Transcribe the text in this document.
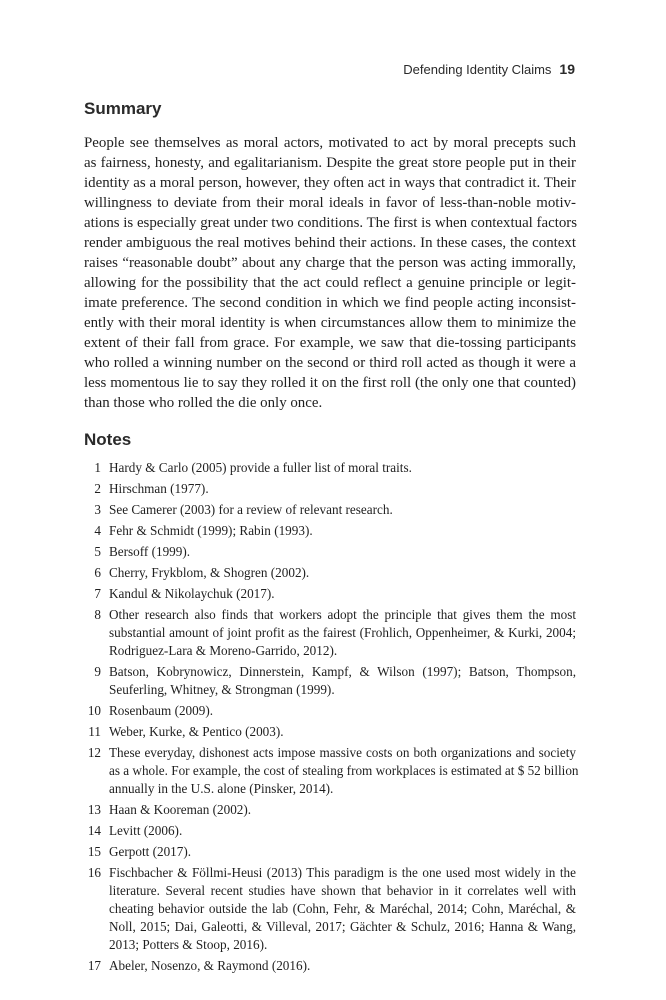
Defending Identity Claims 19
Summary
People see themselves as moral actors, motivated to act by moral precepts such
as fairness, honesty, and egalitarianism. Despite the great store people put in their
identity as a moral person, however, they often act in ways that contradict it. Their
willingness to deviate from their moral ideals in favor of less-than-noble motiv-
ations is especially great under two conditions. The first is when contextual factors
render ambiguous the real motives behind their actions. In these cases, the context
raises “reasonable doubt” about any charge that the person was acting immorally,
allowing for the possibility that the act could reflect a genuine principle or legit-
imate preference. The second condition in which we find people acting inconsist-
ently with their moral identity is when circumstances allow them to minimize the
extent of their fall from grace. For example, we saw that die-tossing participants
who rolled a winning number on the second or third roll acted as though it were a
less momentous lie to say they rolled it on the first roll (the only one that counted)
than those who rolled the die only once.
Notes
1 Hardy & Carlo (2005) provide a fuller list of moral traits.
2 Hirschman (1977).
3 See Camerer (2003) for a review of relevant research.
4 Fehr & Schmidt (1999); Rabin (1993).
5 Bersoff (1999).
6 Cherry, Frykblom, & Shogren (2002).
7 Kandul & Nikolaychuk (2017).
8 Other research also finds that workers adopt the principle that gives them the most
substantial amount of joint profit as the fairest (Frohlich, Oppenheimer, & Kurki, 2004;
Rodriguez-Lara & Moreno-Garrido, 2012).
9 Batson, Kobrynowicz, Dinnerstein, Kampf, & Wilson (1997); Batson, Thompson,
Seuferling, Whitney, & Strongman (1999).
10 Rosenbaum (2009).
11 Weber, Kurke, & Pentico (2003).
12 These everyday, dishonest acts impose massive costs on both organizations and society
as a whole. For example, the cost of stealing from workplaces is estimated at $ 52 billion
annually in the U.S. alone (Pinsker, 2014).
13 Haan & Kooreman (2002).
14 Levitt (2006).
15 Gerpott (2017).
16 Fischbacher & Föllmi-Heusi (2013) This paradigm is the one used most widely in the
literature. Several recent studies have shown that behavior in it correlates well with
cheating behavior outside the lab (Cohn, Fehr, & Maréchal, 2014; Cohn, Maréchal, &
Noll, 2015; Dai, Galeotti, & Villeval, 2017; Gächter & Schulz, 2016; Hanna & Wang,
2013; Potters & Stoop, 2016).
17 Abeler, Nosenzo, & Raymond (2016).
